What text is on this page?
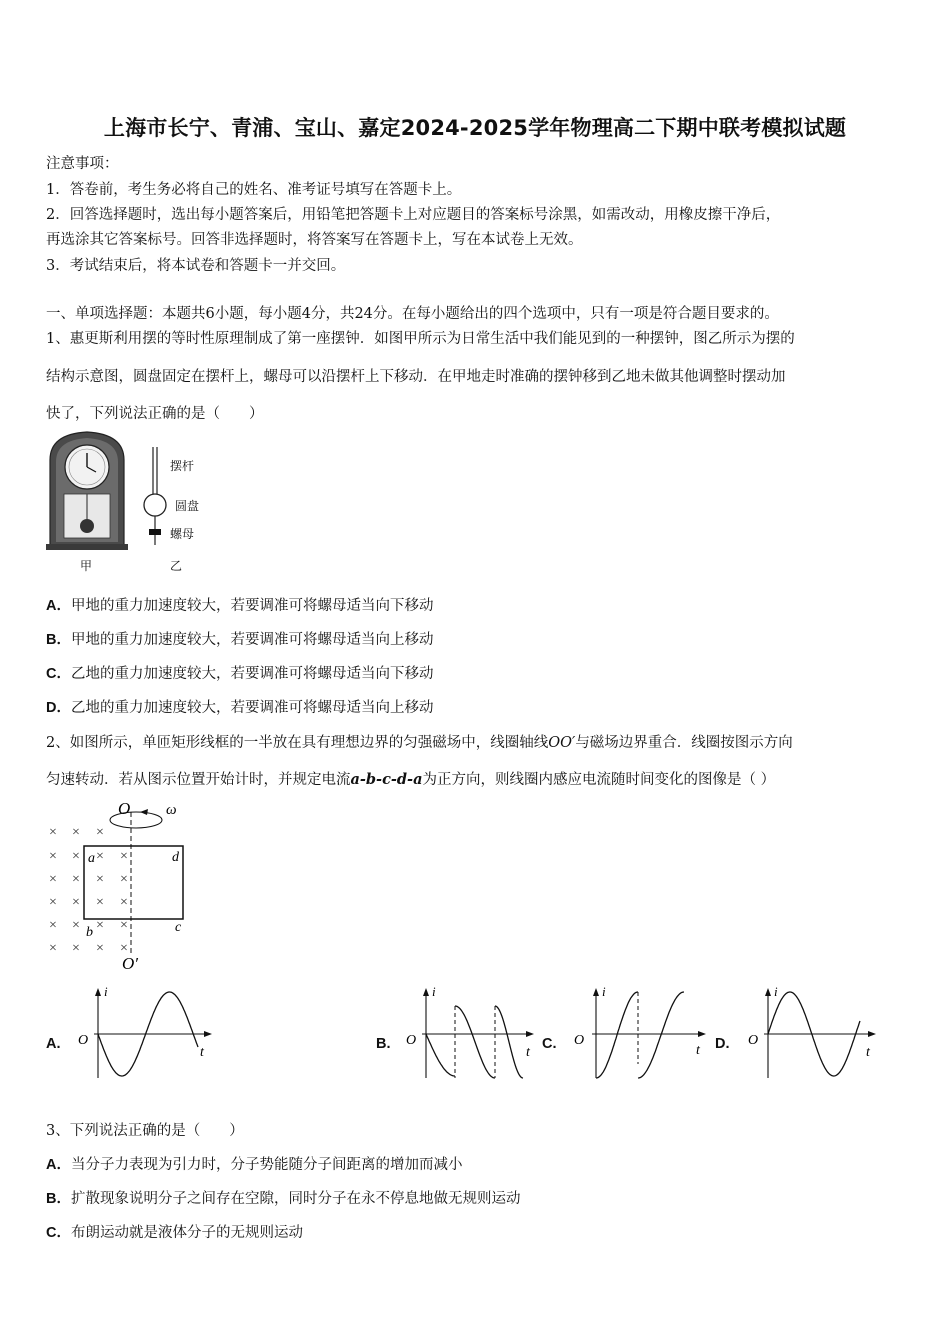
上海市长宁、青浦、宝山、嘉定2024-2025学年物理高二下期中联考模拟试题
注意事项：
1．答卷前，考生务必将自己的姓名、准考证号填写在答题卡上。
2．回答选择题时，选出每小题答案后，用铅笔把答题卡上对应题目的答案标号涂黑，如需改动，用橡皮擦干净后，
再选涂其它答案标号。回答非选择题时，将答案写在答题卡上，写在本试卷上无效。
3．考试结束后，将本试卷和答题卡一并交回。
一、单项选择题：本题共6小题，每小题4分，共24分。在每小题给出的四个选项中，只有一项是符合题目要求的。
1、惠更斯利用摆的等时性原理制成了第一座摆钟．如图甲所示为日常生活中我们能见到的一种摆钟，图乙所示为摆的
结构示意图，圆盘固定在摆杆上，螺母可以沿摆杆上下移动．在甲地走时准确的摆钟移到乙地未做其他调整时摆动加
快了，下列说法正确的是（　　）
甲
摆杆
圆盘
螺母
乙
A．甲地的重力加速度较大，若要调准可将螺母适当向下移动
B．甲地的重力加速度较大，若要调准可将螺母适当向上移动
C．乙地的重力加速度较大，若要调准可将螺母适当向下移动
D．乙地的重力加速度较大，若要调准可将螺母适当向上移动
2、如图所示，单匝矩形线框的一半放在具有理想边界的匀强磁场中，线圈轴线OO′与磁场边界重合．线圈按图示方向
匀速转动．若从图示位置开始计时，并规定电流a-b-c-d-a为正方向，则线圈内感应电流随时间变化的图像是（ ）
× × ×
× × × ×
× × × ×
× × × ×
× × × ×
× × × ×
O ω
O′
a
b	c
d
A. O
i
t
B. O
i
t
C. O
i
t D. O
i
t
3、下列说法正确的是（　　）
A．当分子力表现为引力时，分子势能随分子间距离的增加而减小
B．扩散现象说明分子之间存在空隙，同时分子在永不停息地做无规则运动
C．布朗运动就是液体分子的无规则运动
